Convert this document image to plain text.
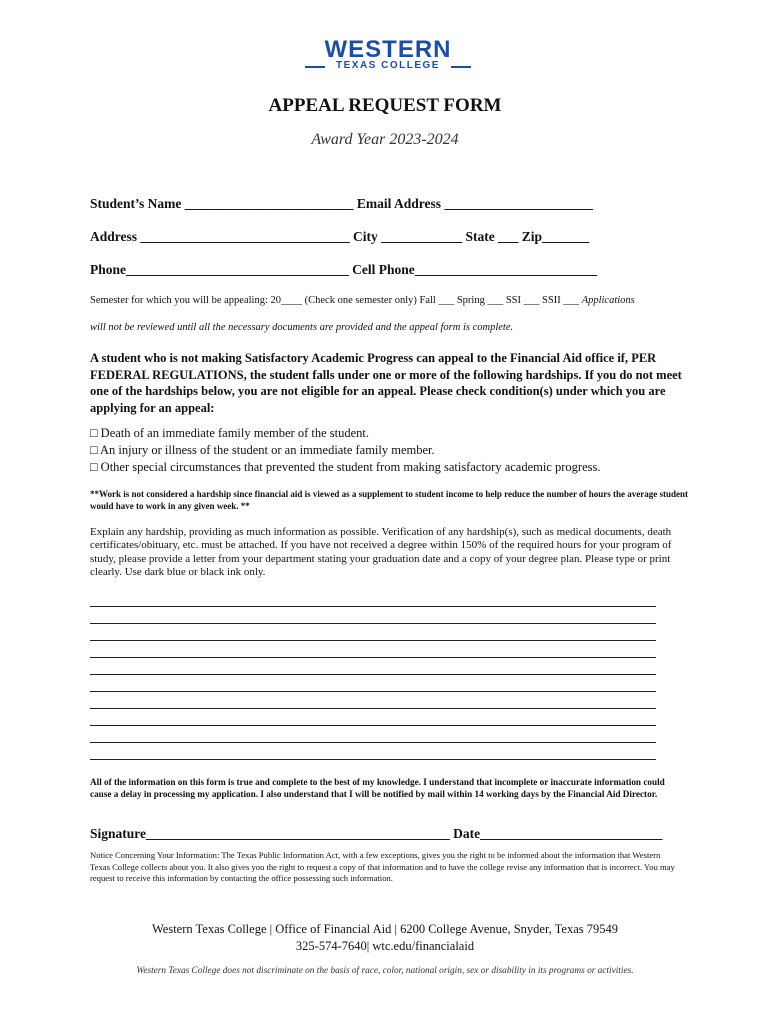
WESTERN
TEXAS COLLEGE
APPEAL REQUEST FORM
Award Year 2023-2024
Student’s Name _________________________ Email Address ______________________
Address _______________________________ City ____________ State ___ Zip_______
Phone_________________________________ Cell Phone___________________________
Semester for which you will be appealing: 20____ (Check one semester only) Fall ___ Spring ___ SSI ___ SSII ___ Applications
will not be reviewed until all the necessary documents are provided and the appeal form is complete.
A student who is not making Satisfactory Academic Progress can appeal to the Financial Aid office if, PER FEDERAL REGULATIONS, the student falls under one or more of the following hardships. If you do not meet one of the hardships below, you are not eligible for an appeal. Please check condition(s) under which you are applying for an appeal:
□ Death of an immediate family member of the student.
□ An injury or illness of the student or an immediate family member.
□ Other special circumstances that prevented the student from making satisfactory academic progress.
**Work is not considered a hardship since financial aid is viewed as a supplement to student income to help reduce the number of hours the average student would have to work in any given week. **
Explain any hardship, providing as much information as possible. Verification of any hardship(s), such as medical documents, death certificates/obituary, etc. must be attached. If you have not received a degree within 150% of the required hours for your program of study, please provide a letter from your department stating your graduation date and a copy of your degree plan. Please type or print clearly. Use dark blue or black ink only.
All of the information on this form is true and complete to the best of my knowledge. I understand that incomplete or inaccurate information could cause a delay in processing my application. I also understand that I will be notified by mail within 14 working days by the Financial Aid Director.
Signature_____________________________________________ Date___________________________
Notice Concerning Your Information: The Texas Public Information Act, with a few exceptions, gives you the right to be informed about the information that Western Texas College collects about you. It also gives you the right to request a copy of that information and to have the college revise any information that is incorrect. You may request to receive this information by contacting the office possessing such information.
Western Texas College | Office of Financial Aid | 6200 College Avenue, Snyder, Texas 79549
325-574-7640| wtc.edu/financialaid
Western Texas College does not discriminate on the basis of race, color, national origin, sex or disability in its programs or activities.
